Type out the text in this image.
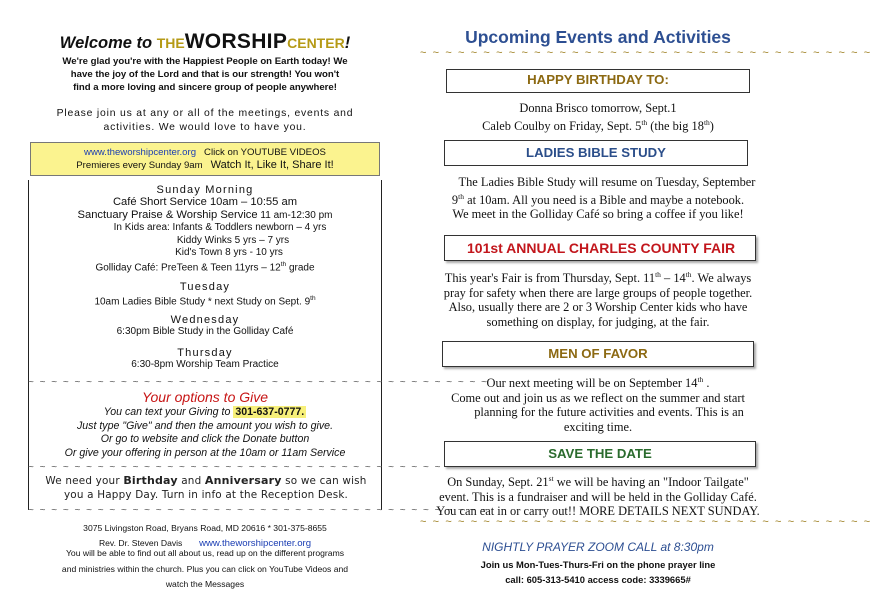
Welcome to THEWORSHIPCENTER!
We're glad you're with the Happiest People on Earth today! We
have the joy of the Lord and that is our strength! You won't
find a more loving and sincere group of people anywhere!
Please join us at any or all of the meetings, events and
activities. We would love to have you.
www.theworshipcenter.org Click on YOUTUBE VIDEOS
Premieres every Sunday 9am Watch It, Like It, Share It!
Sunday Morning
Café Short Service 10am – 10:55 am
Sanctuary Praise & Worship Service 11 am-12:30 pm
In Kids area: Infants & Toddlers newborn – 4 yrs
Kiddy Winks 5 yrs – 7 yrs
Kid's Town 8 yrs - 10 yrs
Golliday Café: PreTeen & Teen 11yrs – 12th grade
Tuesday
10am Ladies Bible Study * next Study on Sept. 9th
Wednesday
6:30pm Bible Study in the Golliday Café
Thursday
6:30-8pm Worship Team Practice
~ ~ ~ ~ ~ ~ ~ ~ ~ ~ ~ ~ ~ ~ ~ ~ ~ ~ ~ ~ ~ ~ ~ ~ ~ ~ ~ ~ ~ ~ ~ ~ ~ ~ ~ ~ ~ ~ ~ ~
Your options to Give
You can text your Giving to 301-637-0777.
Just type "Give" and then the amount you wish to give.
Or go to website and click the Donate button
Or give your offering in person at the 10am or 11am Service
~ ~ ~ ~ ~ ~ ~ ~ ~ ~ ~ ~ ~ ~ ~ ~ ~ ~ ~ ~ ~ ~ ~ ~ ~ ~ ~ ~ ~ ~ ~ ~ ~ ~ ~ ~ ~ ~ ~ ~
We need your Birthday and Anniversary so we can wish
you a Happy Day. Turn in info at the Reception Desk.
~ ~ ~ ~ ~ ~ ~ ~ ~ ~ ~ ~ ~ ~ ~ ~ ~ ~ ~ ~ ~ ~ ~ ~ ~ ~ ~ ~ ~ ~ ~ ~ ~ ~ ~ ~ ~ ~ ~ ~
3075 Livingston Road, Bryans Road, MD 20616 * 301-375-8655
Rev. Dr. Steven Davis www.theworshipcenter.org
You will be able to find out all about us, read up on the different programs
and ministries within the church. Plus you can click on YouTube Videos and
watch the Messages
Upcoming Events and Activities
~ ~ ~ ~ ~ ~ ~ ~ ~ ~ ~ ~ ~ ~ ~ ~ ~ ~ ~ ~ ~ ~ ~ ~ ~ ~ ~ ~ ~ ~ ~ ~ ~ ~ ~ ~
HAPPY BIRTHDAY TO:
Donna Brisco tomorrow, Sept.1
Caleb Coulby on Friday, Sept. 5th (the big 18th)
LADIES BIBLE STUDY
The Ladies Bible Study will resume on Tuesday, September
9th at 10am. All you need is a Bible and maybe a notebook.
We meet in the Golliday Café so bring a coffee if you like!
101st ANNUAL CHARLES COUNTY FAIR
This year's Fair is from Thursday, Sept. 11th – 14th. We always
pray for safety when there are large groups of people together.
Also, usually there are 2 or 3 Worship Center kids who have
something on display, for judging, at the fair.
MEN OF FAVOR
Our next meeting will be on September 14th .
Come out and join us as we reflect on the summer and start
planning for the future activities and events. This is an
exciting time.
SAVE THE DATE
On Sunday, Sept. 21st we will be having an "Indoor Tailgate"
event. This is a fundraiser and will be held in the Golliday Café.
You can eat in or carry out!! MORE DETAILS NEXT SUNDAY.
~ ~ ~ ~ ~ ~ ~ ~ ~ ~ ~ ~ ~ ~ ~ ~ ~ ~ ~ ~ ~ ~ ~ ~ ~ ~ ~ ~ ~ ~ ~ ~ ~ ~ ~ ~
NIGHTLY PRAYER ZOOM CALL at 8:30pm
Join us Mon-Tues-Thurs-Fri on the phone prayer line
call: 605-313-5410 access code: 3339665#
